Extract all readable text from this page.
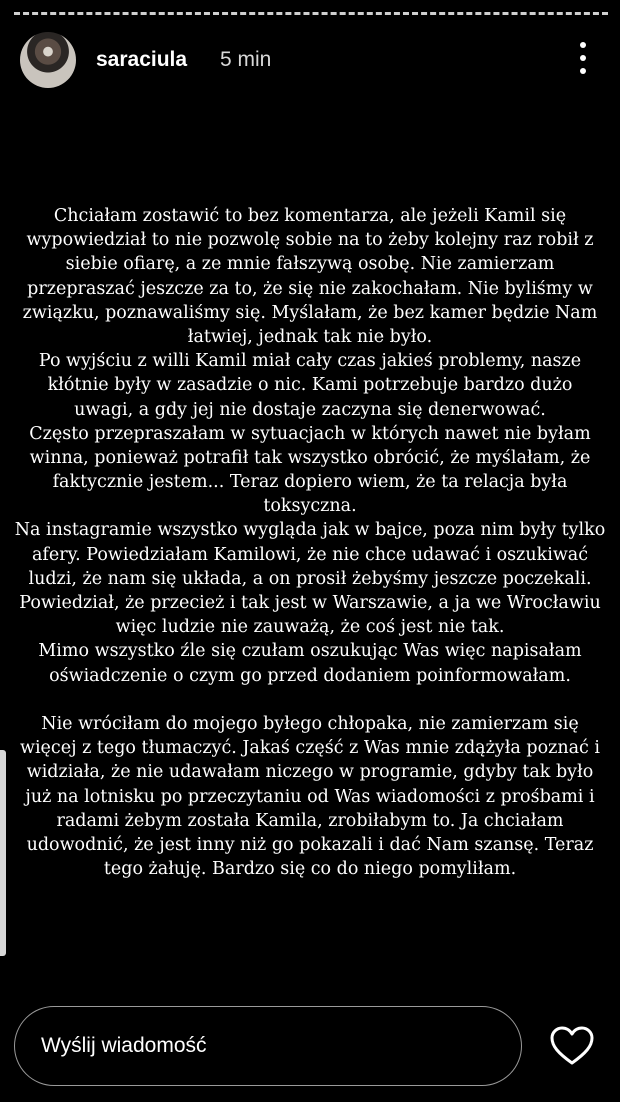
saraciula 5 min
Chciałam zostawić to bez komentarza, ale jeżeli Kamil się
wypowiedział to nie pozwolę sobie na to żeby kolejny raz robił z
siebie ofiarę, a ze mnie fałszywą osobę. Nie zamierzam
przepraszać jeszcze za to, że się nie zakochałam. Nie byliśmy w
związku, poznawaliśmy się. Myślałam, że bez kamer będzie Nam
łatwiej, jednak tak nie było.
Po wyjściu z willi Kamil miał cały czas jakieś problemy, nasze
kłótnie były w zasadzie o nic. Kami potrzebuje bardzo dużo
uwagi, a gdy jej nie dostaje zaczyna się denerwować.
Często przepraszałam w sytuacjach w których nawet nie byłam
winna, ponieważ potrafił tak wszystko obrócić, że myślałam, że
faktycznie jestem... Teraz dopiero wiem, że ta relacja była
toksyczna.
Na instagramie wszystko wygląda jak w bajce, poza nim były tylko
afery. Powiedziałam Kamilowi, że nie chce udawać i oszukiwać
ludzi, że nam się układa, a on prosił żebyśmy jeszcze poczekali.
Powiedział, że przecież i tak jest w Warszawie, a ja we Wrocławiu
więc ludzie nie zauważą, że coś jest nie tak.
Mimo wszystko źle się czułam oszukując Was więc napisałam
oświadczenie o czym go przed dodaniem poinformowałam.
Nie wróciłam do mojego byłego chłopaka, nie zamierzam się
więcej z tego tłumaczyć. Jakaś część z Was mnie zdążyła poznać i
widziała, że nie udawałam niczego w programie, gdyby tak było
już na lotnisku po przeczytaniu od Was wiadomości z prośbami i
radami żebym została Kamila, zrobiłabym to. Ja chciałam
udowodnić, że jest inny niż go pokazali i dać Nam szansę. Teraz
tego żałuję. Bardzo się co do niego pomyliłam.
Wyślij wiadomość
